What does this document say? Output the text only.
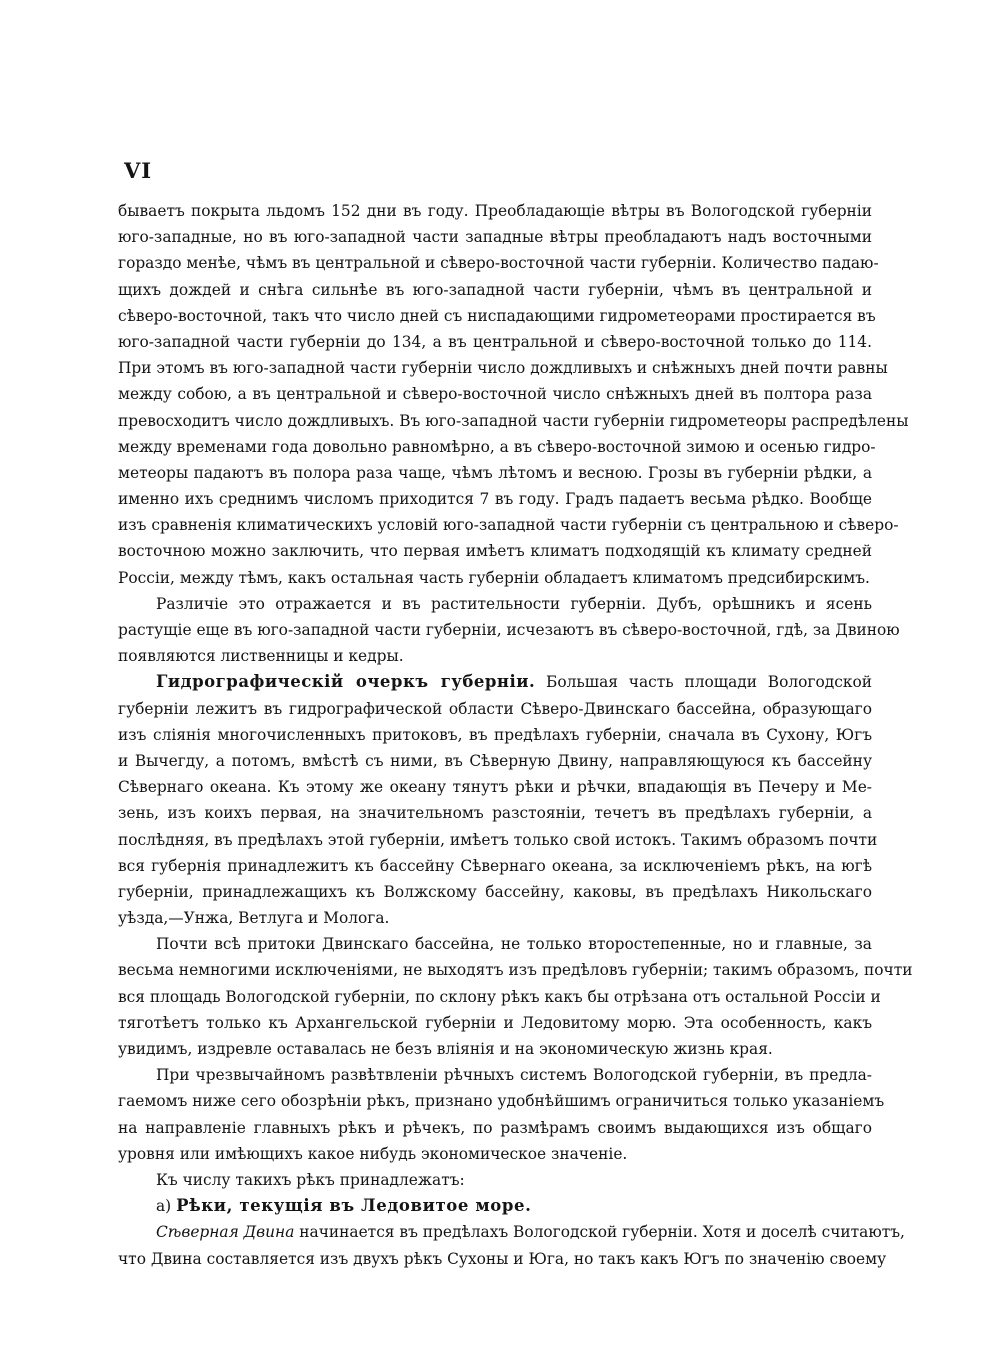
VI
бываетъ покрыта льдомъ 152 дни въ году. Преобладающіе вѣтры въ Вологодской губерніи
юго-западные, но въ юго-западной части западные вѣтры преобладаютъ надъ восточными
гораздо менѣе, чѣмъ въ центральной и сѣверо-восточной части губерніи. Количество падаю-
щихъ дождей и снѣга сильнѣе въ юго-западной части губерніи, чѣмъ въ центральной и
сѣверо-восточной, такъ что число дней съ ниспадающими гидрометеорами простирается въ
юго-западной части губерніи до 134, а въ центральной и сѣверо-восточной только до 114.
При этомъ въ юго-западной части губерніи число дождливыхъ и снѣжныхъ дней почти равны
между собою, а въ центральной и сѣверо-восточной число снѣжныхъ дней въ полтора раза
превосходитъ число дождливыхъ. Въ юго-западной части губерніи гидрометеоры распредѣлены
между временами года довольно равномѣрно, а въ сѣверо-восточной зимою и осенью гидро-
метеоры падаютъ въ полора раза чаще, чѣмъ лѣтомъ и весною. Грозы въ губерніи рѣдки, а
именно ихъ среднимъ числомъ приходится 7 въ году. Градъ падаетъ весьма рѣдко. Вообще
изъ сравненія климатическихъ условій юго-западной части губерніи съ центральною и сѣверо-
восточною можно заключить, что первая имѣетъ климатъ подходящій къ климату средней
Россіи, между тѣмъ, какъ остальная часть губерніи обладаетъ климатомъ предсибирскимъ.
Различіе это отражается и въ растительности губерніи. Дубъ, орѣшникъ и ясень
растущіе еще въ юго-западной части губерніи, исчезаютъ въ сѣверо-восточной, гдѣ, за Двиною
появляются лиственницы и кедры.
Гидрографическій очеркъ губерніи. Большая часть площади Вологодской
губерніи лежитъ въ гидрографической области Сѣверо-Двинскаго бассейна, образующаго
изъ сліянія многочисленныхъ притоковъ, въ предѣлахъ губерніи, сначала въ Сухону, Югъ
и Вычегду, а потомъ, вмѣстѣ съ ними, въ Сѣверную Двину, направляющуюся къ бассейну
Сѣвернаго океана. Къ этому же океану тянутъ рѣки и рѣчки, впадающія въ Печеру и Ме-
зень, изъ коихъ первая, на значительномъ разстояніи, течетъ въ предѣлахъ губерніи, а
послѣдняя, въ предѣлахъ этой губерніи, имѣетъ только свой истокъ. Такимъ образомъ почти
вся губернія принадлежитъ къ бассейну Сѣвернаго океана, за исключеніемъ рѣкъ, на югѣ
губерніи, принадлежащихъ къ Волжскому бассейну, каковы, въ предѣлахъ Никольскаго
уѣзда,—Унжа, Ветлуга и Молога.
Почти всѣ притоки Двинскаго бассейна, не только второстепенные, но и главные, за
весьма немногими исключеніями, не выходятъ изъ предѣловъ губерніи; такимъ образомъ, почти
вся площадь Вологодской губерніи, по склону рѣкъ какъ бы отрѣзана отъ остальной Россіи и
тяготѣетъ только къ Архангельской губерніи и Ледовитому морю. Эта особенность, какъ
увидимъ, издревле оставалась не безъ вліянія и на экономическую жизнь края.
При чрезвычайномъ развѣтвленіи рѣчныхъ системъ Вологодской губерніи, въ предла-
гаемомъ ниже сего обозрѣніи рѣкъ, признано удобнѣйшимъ ограничиться только указаніемъ
на направленіе главныхъ рѣкъ и рѣчекъ, по размѣрамъ своимъ выдающихся изъ общаго
уровня или имѣющихъ какое нибудь экономическое значеніе.
Къ числу такихъ рѣкъ принадлежатъ:
а) Рѣки, текущія въ Ледовитое море.
Сѣверная Двина начинается въ предѣлахъ Вологодской губерніи. Хотя и доселѣ считаютъ,
что Двина составляется изъ двухъ рѣкъ Сухоны и Юга, но такъ какъ Югъ по значенію своему
